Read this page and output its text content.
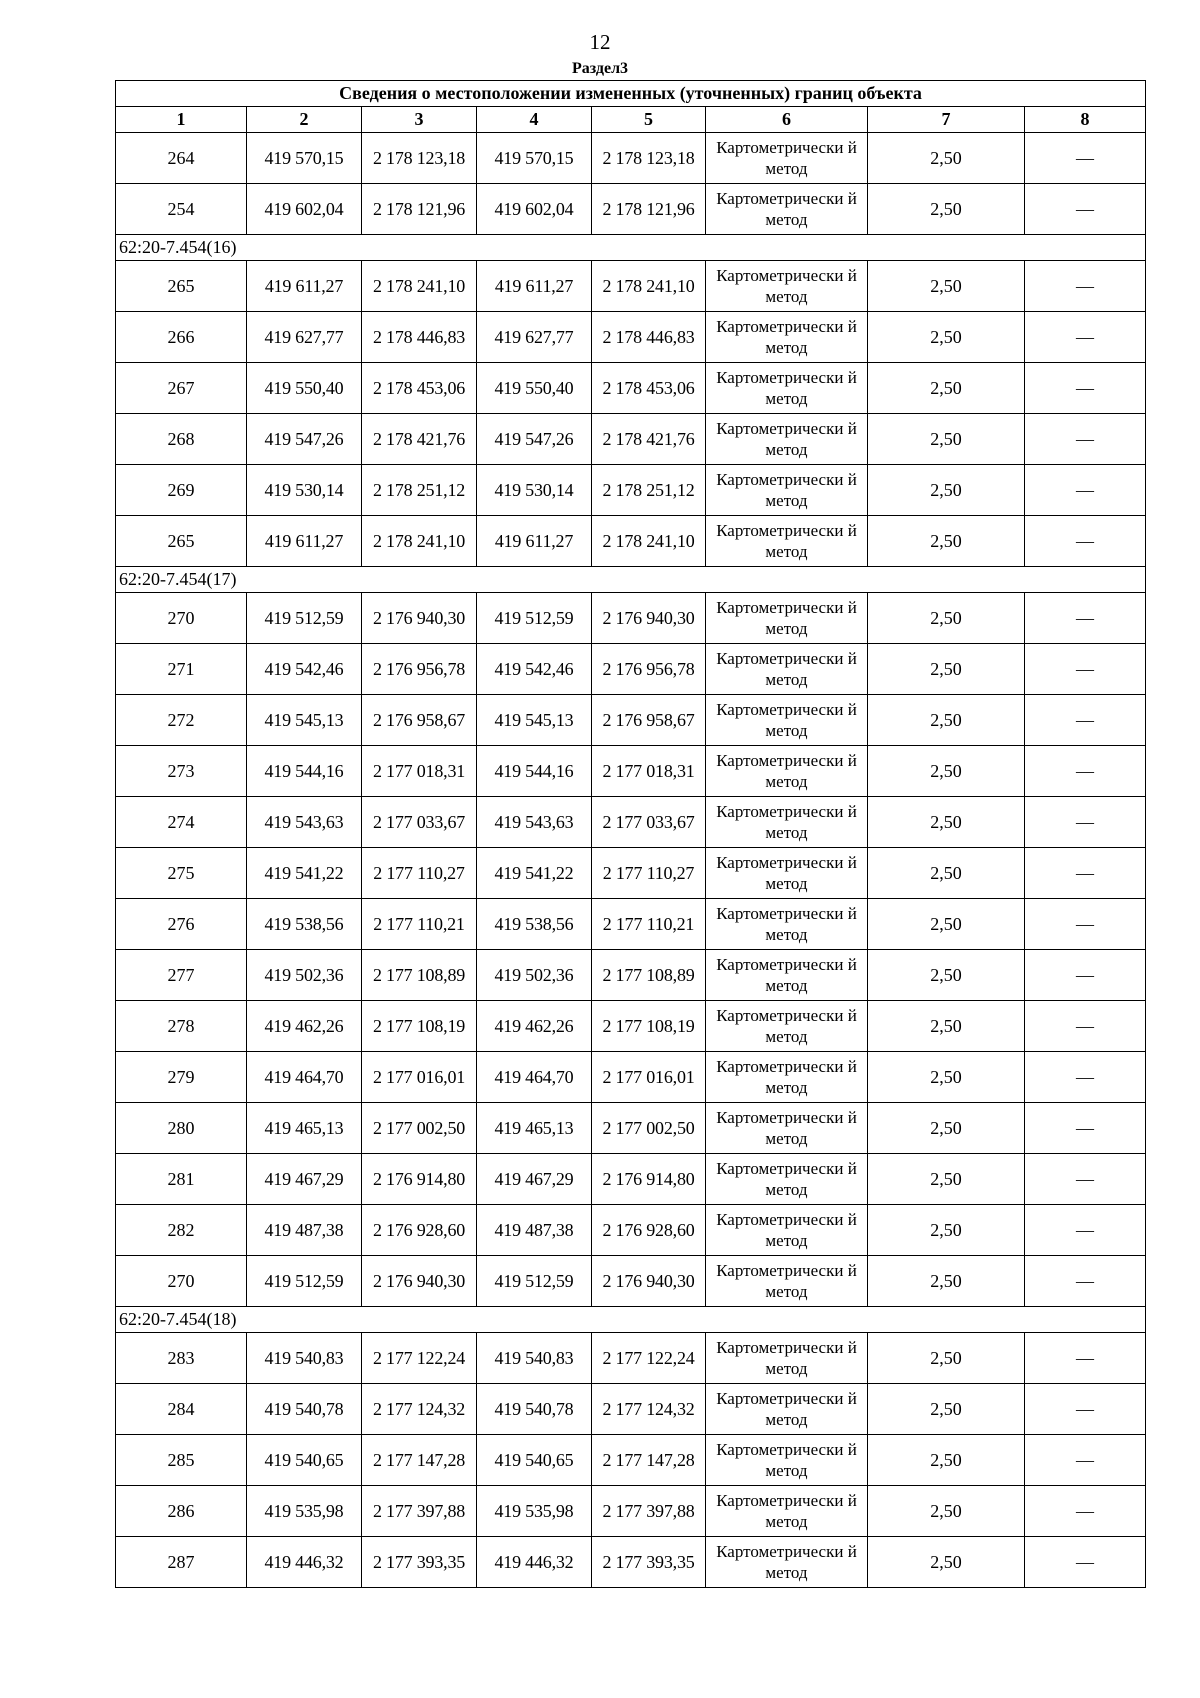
12
Раздел3
Сведения о местоположении измененных (уточненных) границ объекта							
1	2	3	4	5	6	7	8
264	419 570,15	2 178 123,18	419 570,15	2 178 123,18	Картометрически й метод	2,50	—
254	419 602,04	2 178 121,96	419 602,04	2 178 121,96	Картометрически й метод	2,50	—
62:20-7.454(16)							
265	419 611,27	2 178 241,10	419 611,27	2 178 241,10	Картометрически й метод	2,50	—
266	419 627,77	2 178 446,83	419 627,77	2 178 446,83	Картометрически й метод	2,50	—
267	419 550,40	2 178 453,06	419 550,40	2 178 453,06	Картометрически й метод	2,50	—
268	419 547,26	2 178 421,76	419 547,26	2 178 421,76	Картометрически й метод	2,50	—
269	419 530,14	2 178 251,12	419 530,14	2 178 251,12	Картометрически й метод	2,50	—
265	419 611,27	2 178 241,10	419 611,27	2 178 241,10	Картометрически й метод	2,50	—
62:20-7.454(17)							
270	419 512,59	2 176 940,30	419 512,59	2 176 940,30	Картометрически й метод	2,50	—
271	419 542,46	2 176 956,78	419 542,46	2 176 956,78	Картометрически й метод	2,50	—
272	419 545,13	2 176 958,67	419 545,13	2 176 958,67	Картометрически й метод	2,50	—
273	419 544,16	2 177 018,31	419 544,16	2 177 018,31	Картометрически й метод	2,50	—
274	419 543,63	2 177 033,67	419 543,63	2 177 033,67	Картометрически й метод	2,50	—
275	419 541,22	2 177 110,27	419 541,22	2 177 110,27	Картометрически й метод	2,50	—
276	419 538,56	2 177 110,21	419 538,56	2 177 110,21	Картометрически й метод	2,50	—
277	419 502,36	2 177 108,89	419 502,36	2 177 108,89	Картометрически й метод	2,50	—
278	419 462,26	2 177 108,19	419 462,26	2 177 108,19	Картометрически й метод	2,50	—
279	419 464,70	2 177 016,01	419 464,70	2 177 016,01	Картометрически й метод	2,50	—
280	419 465,13	2 177 002,50	419 465,13	2 177 002,50	Картометрически й метод	2,50	—
281	419 467,29	2 176 914,80	419 467,29	2 176 914,80	Картометрически й метод	2,50	—
282	419 487,38	2 176 928,60	419 487,38	2 176 928,60	Картометрически й метод	2,50	—
270	419 512,59	2 176 940,30	419 512,59	2 176 940,30	Картометрически й метод	2,50	—
62:20-7.454(18)							
283	419 540,83	2 177 122,24	419 540,83	2 177 122,24	Картометрически й метод	2,50	—
284	419 540,78	2 177 124,32	419 540,78	2 177 124,32	Картометрически й метод	2,50	—
285	419 540,65	2 177 147,28	419 540,65	2 177 147,28	Картометрически й метод	2,50	—
286	419 535,98	2 177 397,88	419 535,98	2 177 397,88	Картометрически й метод	2,50	—
287	419 446,32	2 177 393,35	419 446,32	2 177 393,35	Картометрически й метод	2,50	—
